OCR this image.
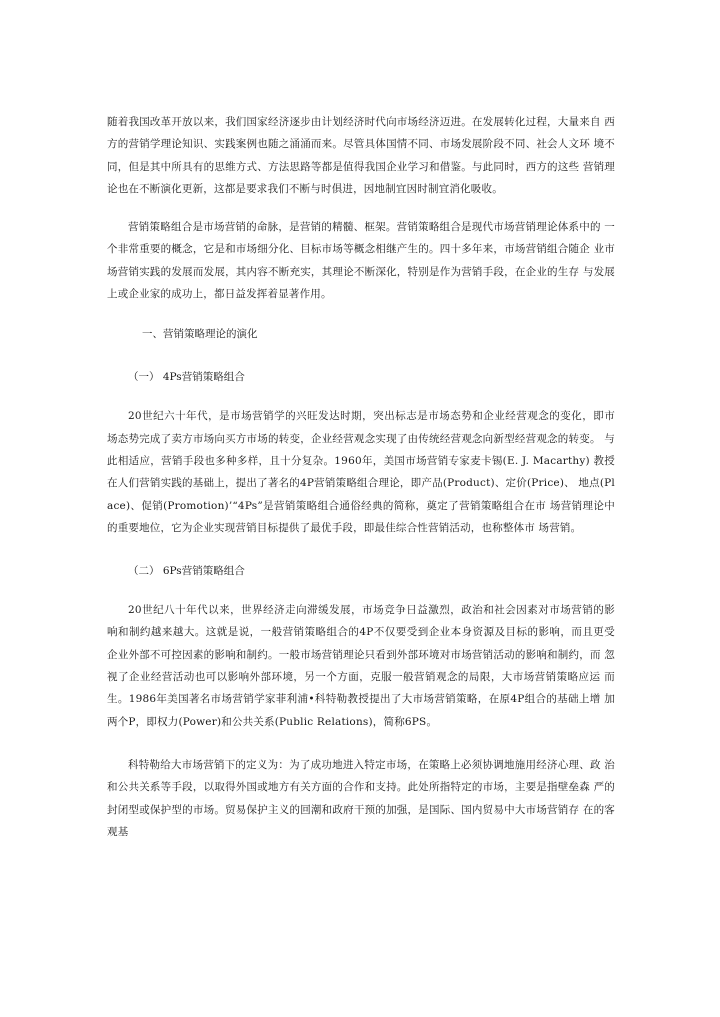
随着我国改革开放以来，我们国家经济逐步由计划经济时代向市场经济迈进。在发展转化过程，大量来自 西方的营销学理论知识、实践案例也随之涌涌而来。尽管具体国情不同、市场发展阶段不同、社会人文环 境不同，但是其中所具有的思维方式、方法思路等都是值得我国企业学习和借鉴。与此同时，西方的这些 营销理论也在不断演化更新，这都是要求我们不断与时俱进，因地制宜因时制宜消化吸收。

营销策略组合是市场营销的命脉，是营销的精髓、框架。营销策略组合是现代市场营销理论体系中的 一个非常重要的概念，它是和市场细分化、目标市场等概念相继产生的。四十多年来，市场营销组合随企 业市场营销实践的发展而发展，其内容不断充实，其理论不断深化，特别是作为营销手段，在企业的生存 与发展上或企业家的成功上，都日益发挥着显著作用。

一、营销策略理论的演化

（一） 4Ps营销策略组合

20世纪六十年代，是市场营销学的兴旺发达时期，突出标志是市场态势和企业经营观念的变化，即市 场态势完成了卖方市场向买方市场的转变，企业经营观念实现了由传统经营观念向新型经营观念的转变。 与此相适应，营销手段也多种多样，且十分复杂。1960年，美国市场营销专家麦卡锡(E. J. Macarthy) 教授在人们营销实践的基础上，提出了著名的4P营销策略组合理论，即产品(Product)、定价(Price)、 地点(Place)、促销(Promotion)’“4Ps”是营销策略组合通俗经典的简称，奠定了营销策略组合在市 场营销理论中的重要地位，它为企业实现营销目标提供了最优手段，即最佳综合性营销活动，也称整体市 场营销。

（二） 6Ps营销策略组合

20世纪八十年代以来，世界经济走向滞缓发展，市场竞争日益激烈，政治和社会因素对市场营销的影 响和制约越来越大。这就是说，一般营销策略组合的4P不仅要受到企业本身资源及目标的影响，而且更受 企业外部不可控因素的影响和制约。一般市场营销理论只看到外部环境对市场营销活动的影响和制约，而 忽视了企业经营活动也可以影响外部环境，另一个方面，克服一般营销观念的局限，大市场营销策略应运 而生。1986年美国著名市场营销学家菲利浦•科特勒教授提出了大市场营销策略，在原4P组合的基础上增 加两个P，即权力(Power)和公共关系(Public Relations)，简称6PS。

科特勒给大市场营销下的定义为：为了成功地进入特定市场，在策略上必须协调地施用经济心理、政 治和公共关系等手段，以取得外国或地方有关方面的合作和支持。此处所指特定的市场，主要是指壁垒森 严的封闭型或保护型的市场。贸易保护主义的回潮和政府干预的加强，是国际、国内贸易中大市场营销存 在的客观基
